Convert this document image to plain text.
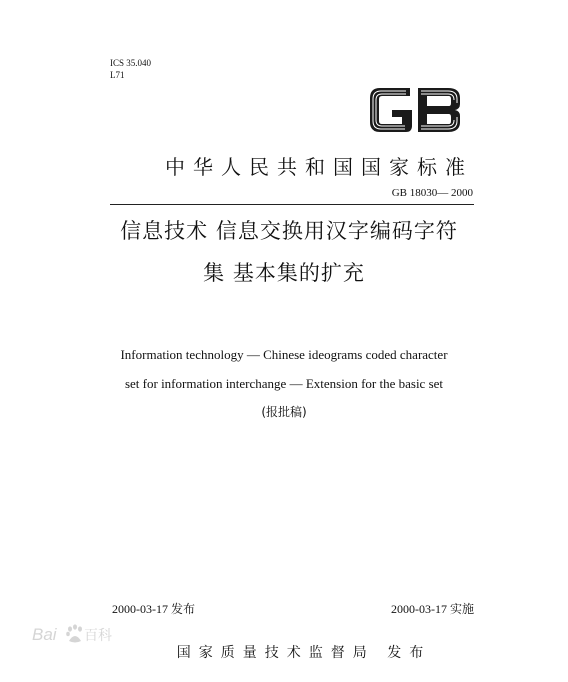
ICS 35.040
L71
中华人民共和国国家标准
GB 18030— 2000
信息技术 信息交换用汉字编码字符
集 基本集的扩充
Information technology — Chinese ideograms coded character
set for information interchange — Extension for the basic set
(报批稿)
2000-03-17 发布	2000-03-17 实施
Bai 百科
国家质量技术监督局 发布
